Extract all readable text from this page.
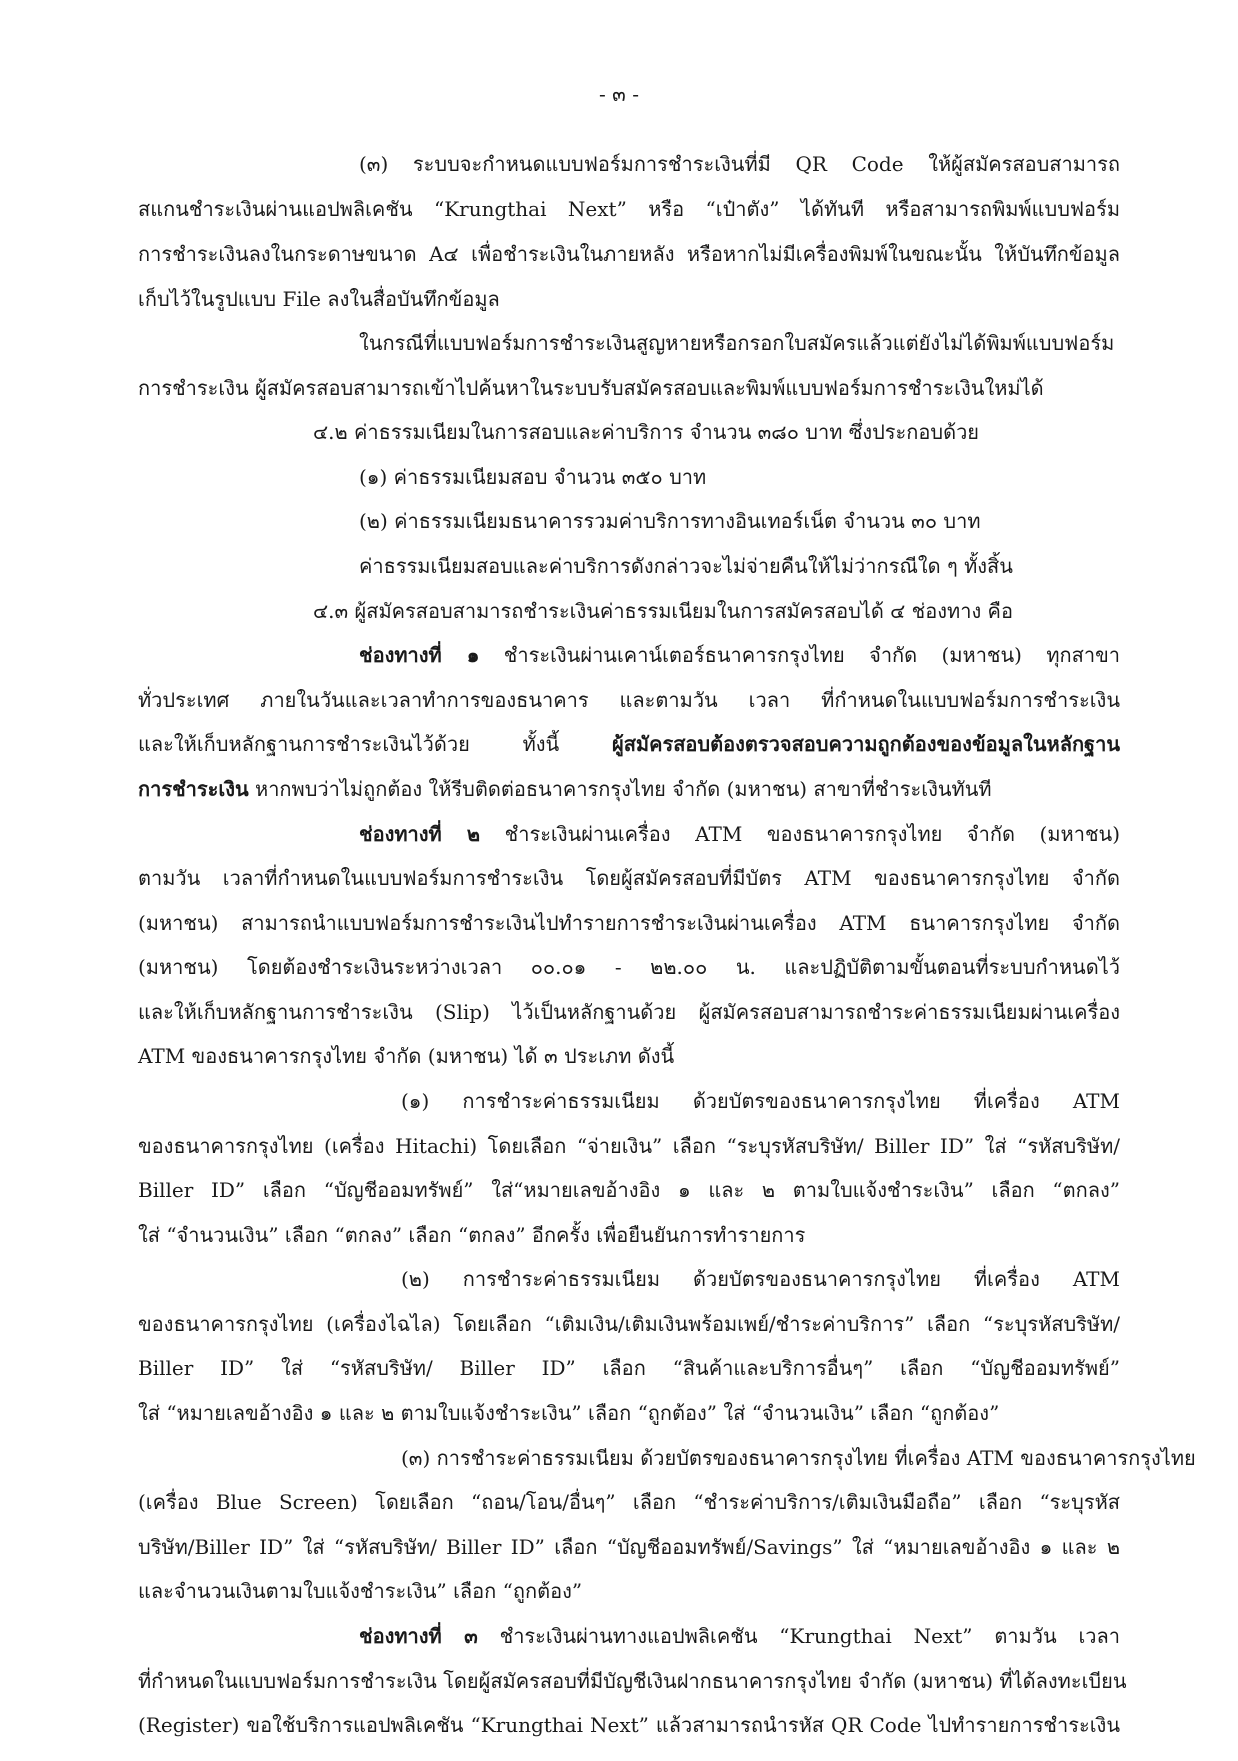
- ๓ -
(๓) ระบบจะกำหนดแบบฟอร์มการชำระเงินที่มี QR Code ให้ผู้สมัครสอบสามารถ
สแกนชำระเงินผ่านแอปพลิเคชัน “Krungthai Next” หรือ “เป๋าตัง” ได้ทันที หรือสามารถพิมพ์แบบฟอร์ม
การชำระเงินลงในกระดาษขนาด A๔ เพื่อชำระเงินในภายหลัง หรือหากไม่มีเครื่องพิมพ์ในขณะนั้น ให้บันทึกข้อมูล
เก็บไว้ในรูปแบบ File ลงในสื่อบันทึกข้อมูล
ในกรณีที่แบบฟอร์มการชำระเงินสูญหายหรือกรอกใบสมัครแล้วแต่ยังไม่ได้พิมพ์แบบฟอร์ม
การชำระเงิน ผู้สมัครสอบสามารถเข้าไปค้นหาในระบบรับสมัครสอบและพิมพ์แบบฟอร์มการชำระเงินใหม่ได้
๔.๒ ค่าธรรมเนียมในการสอบและค่าบริการ จำนวน ๓๘๐ บาท ซึ่งประกอบด้วย
(๑) ค่าธรรมเนียมสอบ จำนวน ๓๕๐ บาท
(๒) ค่าธรรมเนียมธนาคารรวมค่าบริการทางอินเทอร์เน็ต จำนวน ๓๐ บาท
ค่าธรรมเนียมสอบและค่าบริการดังกล่าวจะไม่จ่ายคืนให้ไม่ว่ากรณีใด ๆ ทั้งสิ้น
๔.๓ ผู้สมัครสอบสามารถชำระเงินค่าธรรมเนียมในการสมัครสอบได้ ๔ ช่องทาง คือ
ช่องทางที่ ๑ ชำระเงินผ่านเคาน์เตอร์ธนาคารกรุงไทย จำกัด (มหาชน) ทุกสาขา
ทั่วประเทศ ภายในวันและเวลาทำการของธนาคาร และตามวัน เวลา ที่กำหนดในแบบฟอร์มการชำระเงิน
และให้เก็บหลักฐานการชำระเงินไว้ด้วย ทั้งนี้ ผู้สมัครสอบต้องตรวจสอบความถูกต้องของข้อมูลในหลักฐาน
การชำระเงิน หากพบว่าไม่ถูกต้อง ให้รีบติดต่อธนาคารกรุงไทย จำกัด (มหาชน) สาขาที่ชำระเงินทันที
ช่องทางที่ ๒ ชำระเงินผ่านเครื่อง ATM ของธนาคารกรุงไทย จำกัด (มหาชน)
ตามวัน เวลาที่กำหนดในแบบฟอร์มการชำระเงิน โดยผู้สมัครสอบที่มีบัตร ATM ของธนาคารกรุงไทย จำกัด
(มหาชน) สามารถนำแบบฟอร์มการชำระเงินไปทำรายการชำระเงินผ่านเครื่อง ATM ธนาคารกรุงไทย จำกัด
(มหาชน) โดยต้องชำระเงินระหว่างเวลา ๐๐.๐๑ - ๒๒.๐๐ น. และปฏิบัติตามขั้นตอนที่ระบบกำหนดไว้
และให้เก็บหลักฐานการชำระเงิน (Slip) ไว้เป็นหลักฐานด้วย ผู้สมัครสอบสามารถชำระค่าธรรมเนียมผ่านเครื่อง
ATM ของธนาคารกรุงไทย จำกัด (มหาชน) ได้ ๓ ประเภท ดังนี้
(๑) การชำระค่าธรรมเนียม ด้วยบัตรของธนาคารกรุงไทย ที่เครื่อง ATM
ของธนาคารกรุงไทย (เครื่อง Hitachi) โดยเลือก “จ่ายเงิน” เลือก “ระบุรหัสบริษัท/ Biller ID” ใส่ “รหัสบริษัท/
Biller ID” เลือก “บัญชีออมทรัพย์” ใส่“หมายเลขอ้างอิง ๑ และ ๒ ตามใบแจ้งชำระเงิน” เลือก “ตกลง”
ใส่ “จำนวนเงิน” เลือก “ตกลง” เลือก “ตกลง” อีกครั้ง เพื่อยืนยันการทำรายการ
(๒) การชำระค่าธรรมเนียม ด้วยบัตรของธนาคารกรุงไทย ที่เครื่อง ATM
ของธนาคารกรุงไทย (เครื่องไฉไล) โดยเลือก “เติมเงิน/เติมเงินพร้อมเพย์/ชำระค่าบริการ” เลือก “ระบุรหัสบริษัท/
Biller ID” ใส่ “รหัสบริษัท/ Biller ID” เลือก “สินค้าและบริการอื่นๆ” เลือก “บัญชีออมทรัพย์”
ใส่ “หมายเลขอ้างอิง ๑ และ ๒ ตามใบแจ้งชำระเงิน” เลือก “ถูกต้อง” ใส่ “จำนวนเงิน” เลือก “ถูกต้อง”
(๓) การชำระค่าธรรมเนียม ด้วยบัตรของธนาคารกรุงไทย ที่เครื่อง ATM ของธนาคารกรุงไทย
(เครื่อง Blue Screen) โดยเลือก “ถอน/โอน/อื่นๆ” เลือก “ชำระค่าบริการ/เติมเงินมือถือ” เลือก “ระบุรหัส
บริษัท/Biller ID” ใส่ “รหัสบริษัท/ Biller ID” เลือก “บัญชีออมทรัพย์/Savings” ใส่ “หมายเลขอ้างอิง ๑ และ ๒
และจำนวนเงินตามใบแจ้งชำระเงิน” เลือก “ถูกต้อง”
ช่องทางที่ ๓ ชำระเงินผ่านทางแอปพลิเคชัน “Krungthai Next” ตามวัน เวลา
ที่กำหนดในแบบฟอร์มการชำระเงิน โดยผู้สมัครสอบที่มีบัญชีเงินฝากธนาคารกรุงไทย จำกัด (มหาชน) ที่ได้ลงทะเบียน
(Register) ขอใช้บริการแอปพลิเคชัน “Krungthai Next” แล้วสามารถนำรหัส QR Code ไปทำรายการชำระเงิน
